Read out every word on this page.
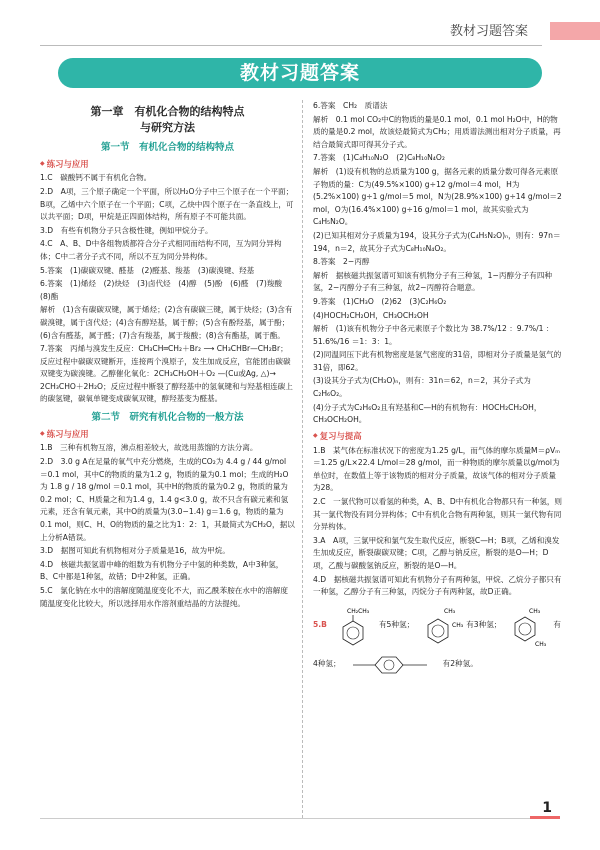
教材习题答案
教材习题答案
第一章　有机化合物的结构特点
与研究方法
第一节　有机化合物的结构特点
◆ 练习与应用

1.C　碳酸钙不属于有机化合物。

2.D　A项，三个原子确定一个平面，所以H₂O分子中三个原子在一个平面；B项，乙烯中六个原子在一个平面；C项，乙炔中四个原子在一条直线上，可以共平面；D项，甲烷是正四面体结构，所有原子不可能共面。

3.D　有些有机物分子只含极性键，例如甲烷分子。

4.C　A、B、D中各组物质都符合分子式相同而结构不同，互为同分异构体；C中二者分子式不同，所以不互为同分异构体。

5.答案　(1)碳碳双键、醛基　(2)醛基、羧基　(3)碳溴键、羟基

6.答案　(1)烯烃　(2)炔烃　(3)卤代烃　(4)醇　(5)酚　(6)醛　(7)羧酸　(8)酯

解析　(1)含有碳碳双键，属于烯烃；(2)含有碳碳三键，属于炔烃；(3)含有碳溴键，属于卤代烃；(4)含有醇羟基，属于醇；(5)含有酚羟基，属于酚；(6)含有醛基，属于醛；(7)含有羧基，属于羧酸；(8)含有酯基，属于酯。

7.答案　丙烯与溴发生反应：CH₃CH═CH₂＋Br₂ ⟶ CH₃CHBr—CH₂Br；反应过程中碳碳双键断开，连接两个溴原子，发生加成反应，官能团由碳碳双键变为碳溴键。乙醇催化氧化：2CH₃CH₂OH＋O₂ —(Cu或Ag, △)→ 2CH₃CHO＋2H₂O；反应过程中断裂了醇羟基中的氢氧键和与羟基相连碳上的碳氢键，碳氧单键变成碳氧双键，醇羟基变为醛基。

第二节　研究有机化合物的一般方法
◆ 练习与应用

1.B　三种有机物互溶，沸点相差较大，故选用蒸馏的方法分离。

2.D　3.0 g A在足量的氧气中充分燃烧，生成的CO₂为 4.4 g / 44 g/mol ＝0.1 mol，其中C的物质的量为1.2 g，物质的量为0.1 mol；生成的H₂O为 1.8 g / 18 g/mol ＝0.1 mol，其中H的物质的量为0.2 g，物质的量为0.2 mol；C、H质量之和为1.4 g，1.4 g<3.0 g，故不只含有碳元素和氢元素，还含有氧元素，其中O的质量为(3.0−1.4) g＝1.6 g，物质的量为0.1 mol，则C、H、O的物质的量之比为1：2：1，其最简式为CH₂O，据以上分析A错误。

3.D　据图可知此有机物相对分子质量是16，故为甲烷。

4.D　核磁共振氢谱中峰的组数为有机物分子中氢的种类数，A中3种氢，B、C中都是1种氢，故错；D中2种氢，正确。

5.C　氯化钠在水中的溶解度随温度变化不大，而乙酰苯胺在水中的溶解度随温度变化比较大，所以选择用水作溶剂重结晶的方法提纯。

6.答案　CH₂　质谱法

解析　0.1 mol CO₂中C的物质的量是0.1 mol，0.1 mol H₂O中，H的物质的量是0.2 mol，故该烃最简式为CH₂；用质谱法测出相对分子质量，再结合最简式即可得其分子式。

7.答案　(1)C₄H₁₀N₂O　(2)C₈H₁₀N₄O₂

解析　(1)设有机物的总质量为100 g，据各元素的质量分数可得各元素原子物质的量：C为(49.5%×100) g÷12 g/mol＝4 mol，H为(5.2%×100) g÷1 g/mol＝5 mol，N为(28.9%×100) g÷14 g/mol＝2 mol，O为(16.4%×100) g÷16 g/mol＝1 mol，故其实验式为C₄H₅N₂O。

(2)已知其相对分子质量为194，设其分子式为(C₄H₅N₂O)ₙ，则有：97n＝194，n＝2，故其分子式为C₈H₁₀N₄O₂。

8.答案　2−丙醇

解析　据核磁共振氢谱可知该有机物分子有三种氢，1−丙醇分子有四种氢，2−丙醇分子有三种氢，故2−丙醇符合题意。

9.答案　(1)CH₃O　(2)62　(3)C₂H₆O₂

(4)HOCH₂CH₂OH，CH₃OCH₂OH

解析　(1)该有机物分子中各元素原子个数比为 38.7%/12 ：9.7%/1 ：51.6%/16 ＝1：3：1。

(2)同温同压下此有机物密度是氢气密度的31倍，即相对分子质量是氢气的31倍，即62。

(3)设其分子式为(CH₃O)ₙ，则有：31n＝62，n＝2，其分子式为C₂H₆O₂。

(4)分子式为C₂H₆O₂且有羟基和C—H的有机物有：HOCH₂CH₂OH，CH₃OCH₂OH。

◆ 复习与提高

1.B　某气体在标准状况下的密度为1.25 g/L，而气体的摩尔质量M＝ρVₘ＝1.25 g/L×22.4 L/mol＝28 g/mol，而一种物质的摩尔质量以g/mol为单位时，在数值上等于该物质的相对分子质量，故该气体的相对分子质量为28。

2.C　一氯代物可以看氢的种类，A、B、D中有机化合物都只有一种氢，则其一氯代物没有同分异构体；C中有机化合物有两种氢，则其一氯代物有同分异构体。

3.A　A项，三氯甲烷和氯气发生取代反应，断裂C—H；B项，乙烯和溴发生加成反应，断裂碳碳双键；C项，乙醇与钠反应，断裂的是O—H；D项，乙酸与碳酸氢钠反应，断裂的是O—H。

4.D　据核磁共振氢谱可知此有机物分子有两种氢，甲烷、乙烷分子都只有一种氢，乙醇分子有三种氢，丙烷分子有两种氢，故D正确。

5.B
CH₂CH₃
有5种氢；
CH₃
CH₃ 有3种氢；
CH₃
CH₃
有
4种氢；	有2种氢。
1
